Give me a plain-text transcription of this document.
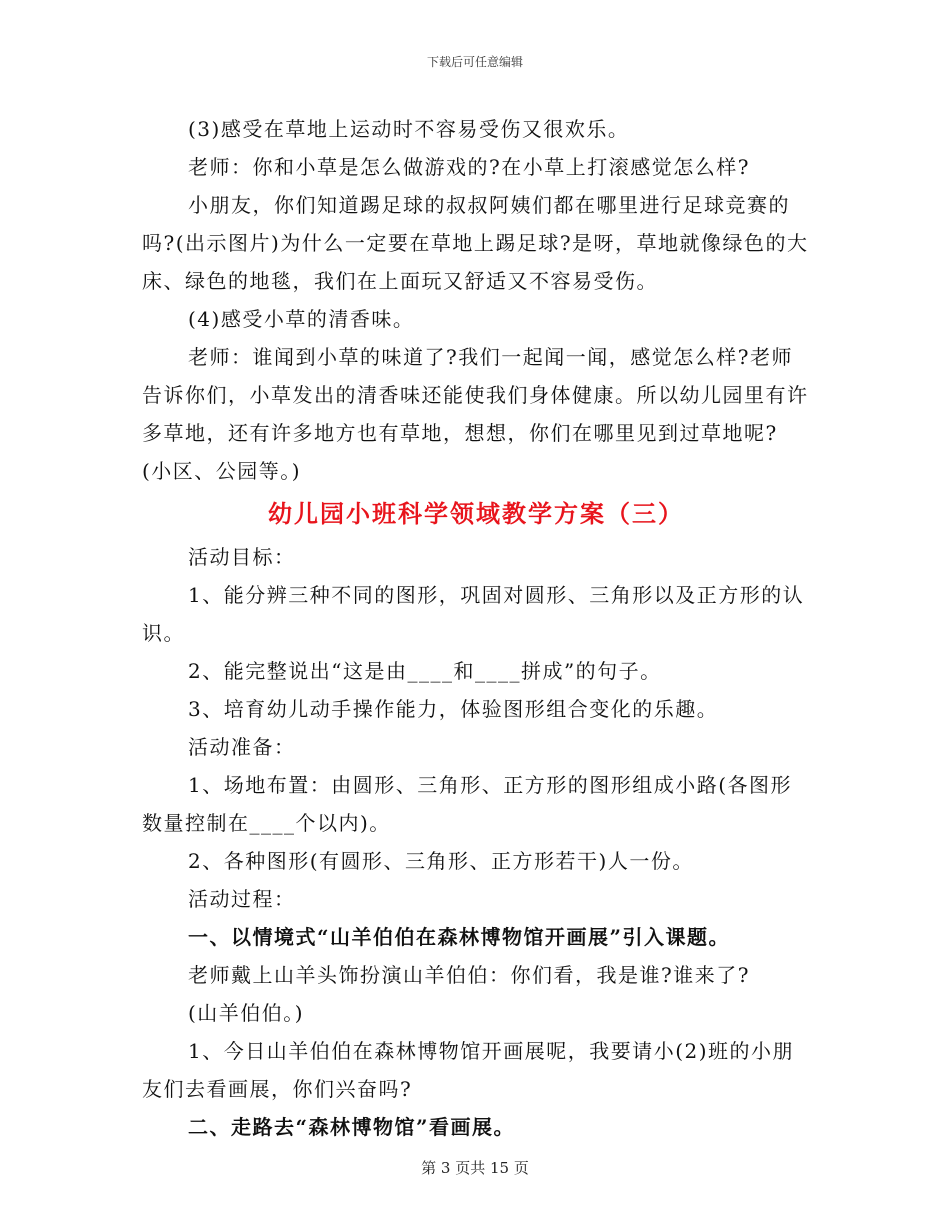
下载后可任意编辑

(3)感受在草地上运动时不容易受伤又很欢乐。

老师：你和小草是怎么做游戏的?在小草上打滚感觉怎么样?

小朋友，你们知道踢足球的叔叔阿姨们都在哪里进行足球竞赛的吗?(出示图片)为什么一定要在草地上踢足球?是呀，草地就像绿色的大床、绿色的地毯，我们在上面玩又舒适又不容易受伤。

(4)感受小草的清香味。

老师：谁闻到小草的味道了?我们一起闻一闻，感觉怎么样?老师告诉你们，小草发出的清香味还能使我们身体健康。所以幼儿园里有许多草地，还有许多地方也有草地，想想，你们在哪里见到过草地呢?

(小区、公园等。)

幼儿园小班科学领域教学方案（三）

活动目标：

1、能分辨三种不同的图形，巩固对圆形、三角形以及正方形的认识。

2、能完整说出“这是由____和____拼成”的句子。

3、培育幼儿动手操作能力，体验图形组合变化的乐趣。

活动准备：

1、场地布置：由圆形、三角形、正方形的图形组成小路(各图形数量控制在____个以内)。

2、各种图形(有圆形、三角形、正方形若干)人一份。

活动过程：

一、以情境式“山羊伯伯在森林博物馆开画展”引入课题。

老师戴上山羊头饰扮演山羊伯伯：你们看，我是谁?谁来了?

(山羊伯伯。)

1、今日山羊伯伯在森林博物馆开画展呢，我要请小(2)班的小朋友们去看画展，你们兴奋吗?

二、走路去“森林博物馆”看画展。

第 3 页共 15 页
